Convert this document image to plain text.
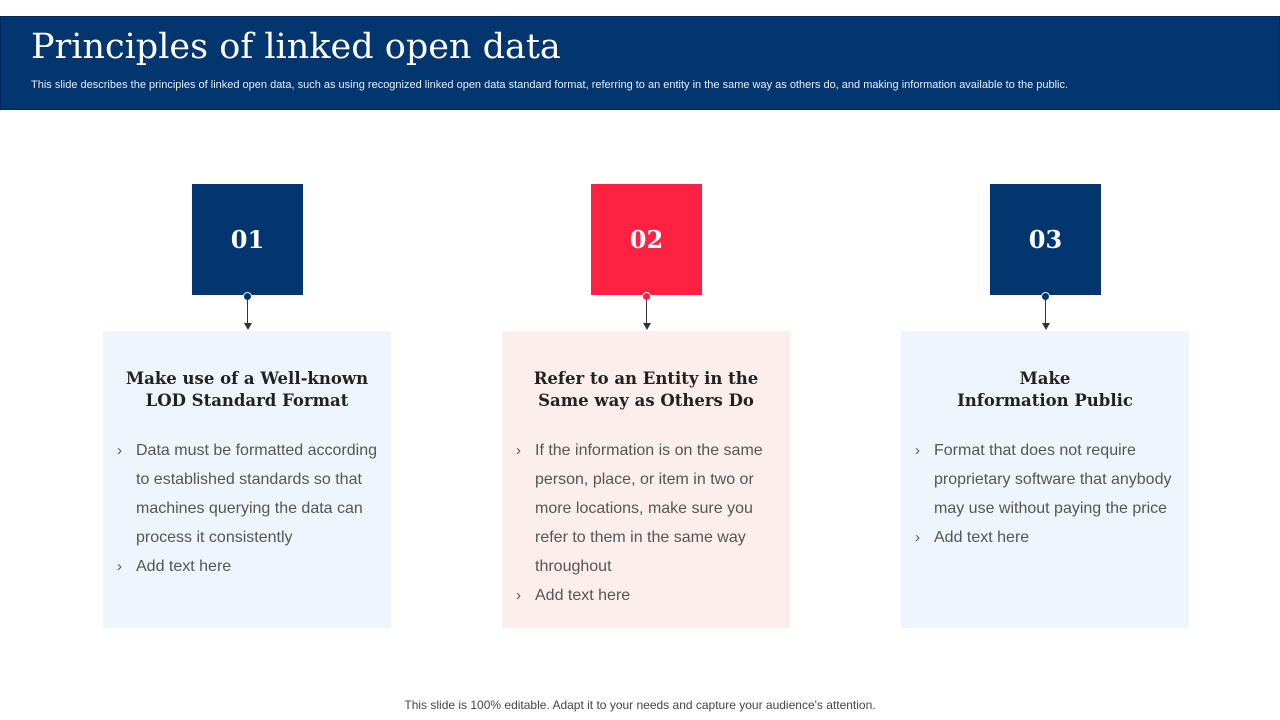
Principles of linked open data
This slide describes the principles of linked open data, such as using recognized linked open data standard format, referring to an entity in the same way as others do, and making information available to the public.
01
Make use of a Well-known
LOD Standard Format
› Data must be formatted according
to established standards so that
machines querying the data can
process it consistently
› Add text here
02
Refer to an Entity in the
Same way as Others Do
› If the information is on the same
person, place, or item in two or
more locations, make sure you
refer to them in the same way
throughout
› Add text here
03
Make
Information Public
› Format that does not require
proprietary software that anybody
may use without paying the price
› Add text here
This slide is 100% editable. Adapt it to your needs and capture your audience's attention.
